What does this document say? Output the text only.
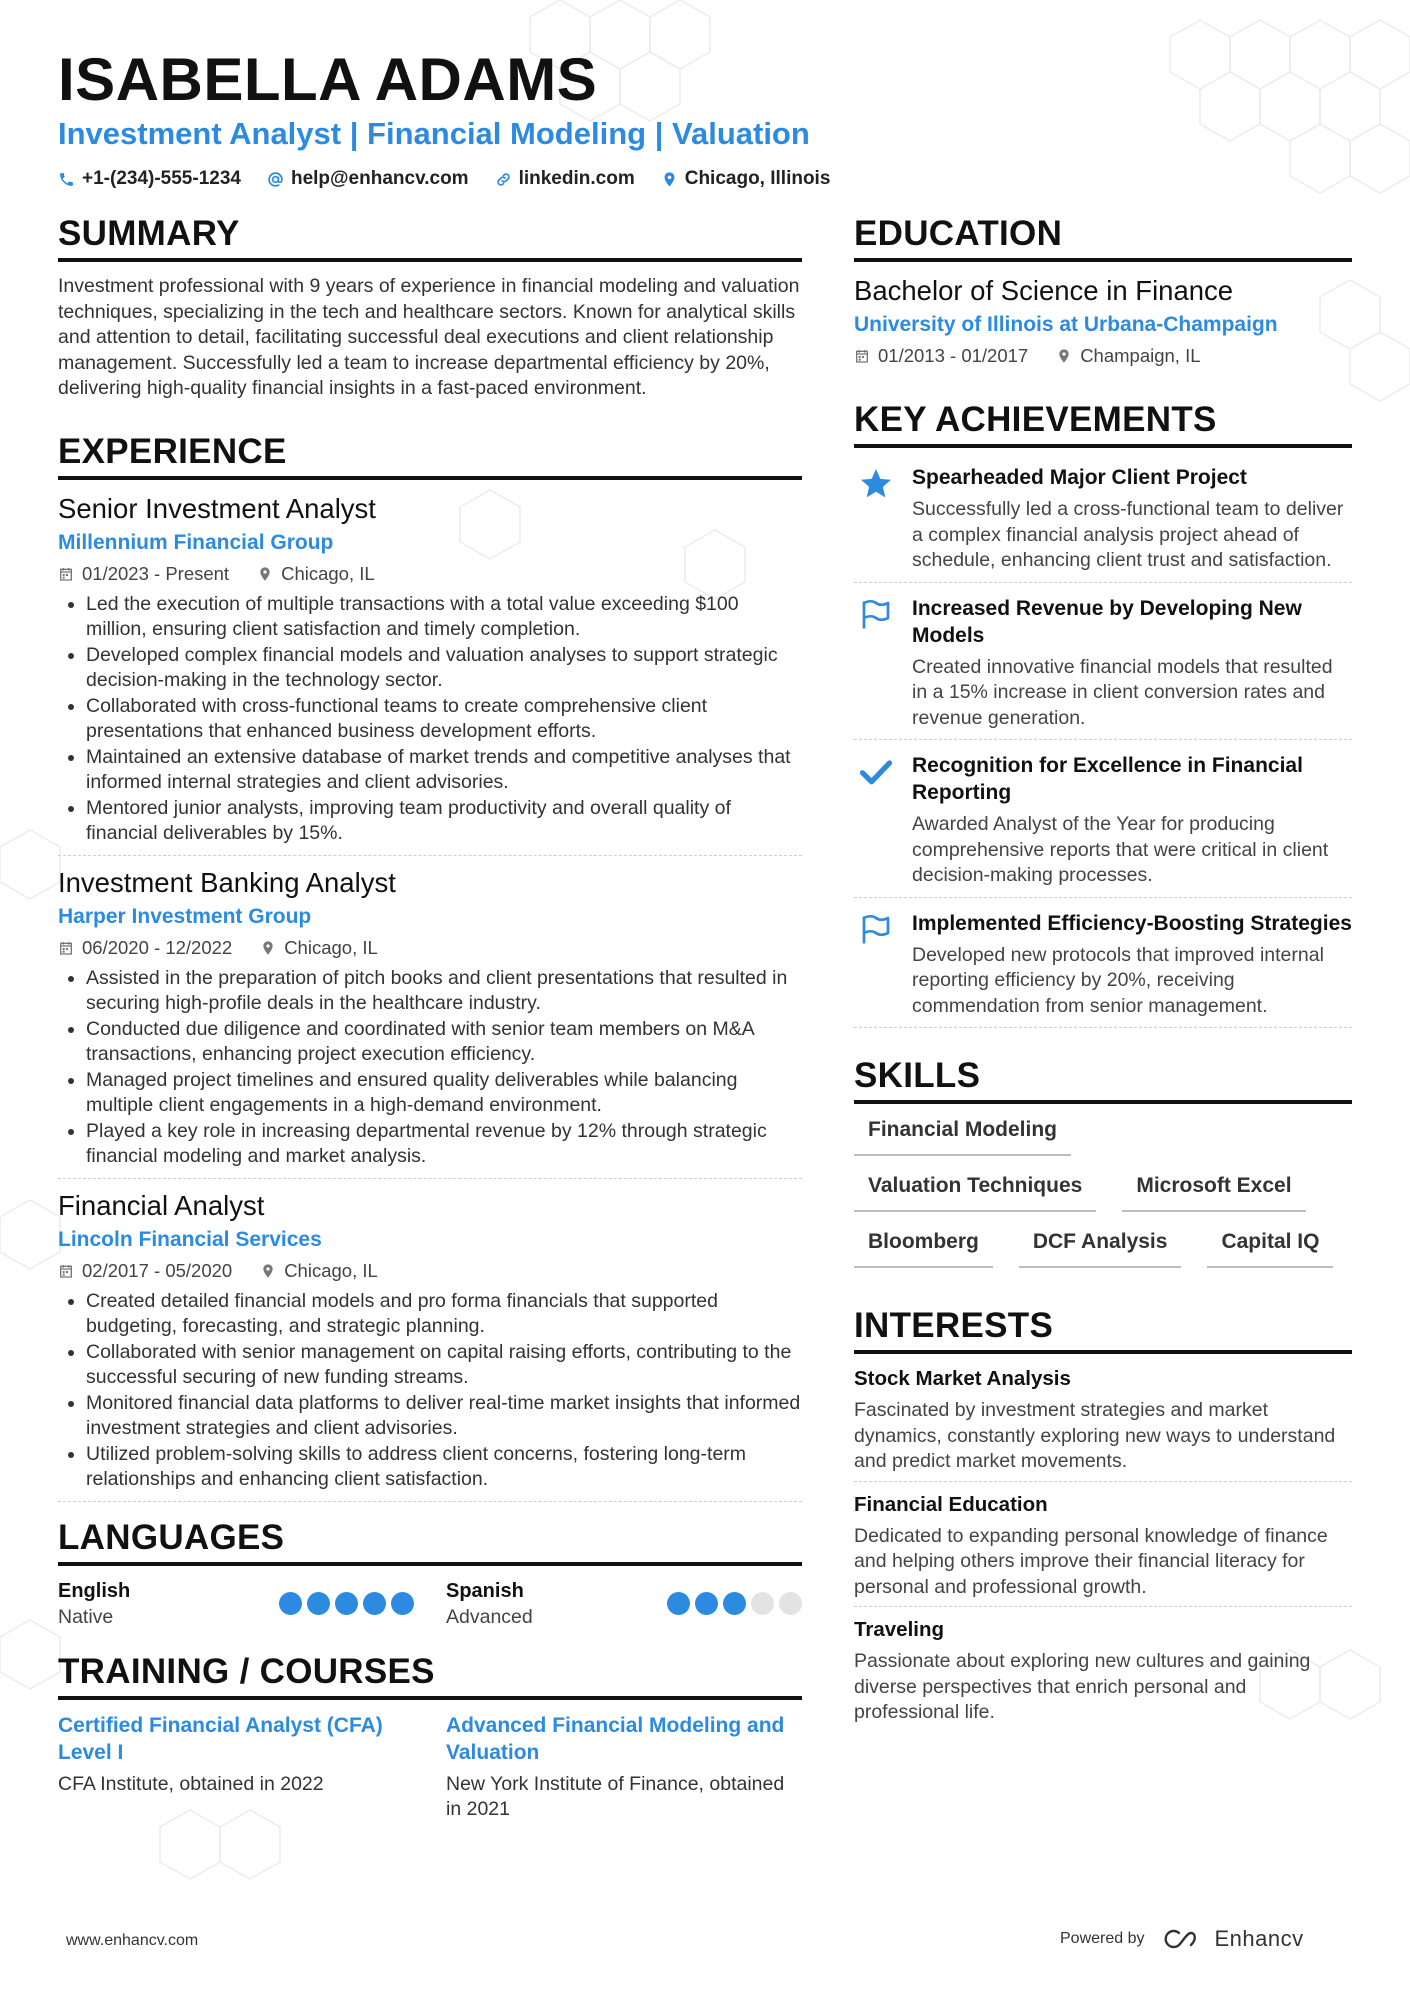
ISABELLA ADAMS
Investment Analyst | Financial Modeling | Valuation
+1-(234)-555-1234	help@enhancv.com	linkedin.com	Chicago, Illinois
SUMMARY

Investment professional with 9 years of experience in financial modeling and valuation techniques, specializing in the tech and healthcare sectors. Known for analytical skills and attention to detail, facilitating successful deal executions and client relationship management. Successfully led a team to increase departmental efficiency by 20%, delivering high-quality financial insights in a fast-paced environment.

EXPERIENCE
Senior Investment Analyst
Millennium Financial Group
01/2023 - Present	Chicago, IL
• Led the execution of multiple transactions with a total value exceeding $100 million, ensuring client satisfaction and timely completion.
• Developed complex financial models and valuation analyses to support strategic decision-making in the technology sector.
• Collaborated with cross-functional teams to create comprehensive client presentations that enhanced business development efforts.
• Maintained an extensive database of market trends and competitive analyses that informed internal strategies and client advisories.
• Mentored junior analysts, improving team productivity and overall quality of financial deliverables by 15%.
Investment Banking Analyst
Harper Investment Group
06/2020 - 12/2022	Chicago, IL
• Assisted in the preparation of pitch books and client presentations that resulted in securing high-profile deals in the healthcare industry.
• Conducted due diligence and coordinated with senior team members on M&A transactions, enhancing project execution efficiency.
• Managed project timelines and ensured quality deliverables while balancing multiple client engagements in a high-demand environment.
• Played a key role in increasing departmental revenue by 12% through strategic financial modeling and market analysis.
Financial Analyst
Lincoln Financial Services
02/2017 - 05/2020	Chicago, IL
• Created detailed financial models and pro forma financials that supported budgeting, forecasting, and strategic planning.
• Collaborated with senior management on capital raising efforts, contributing to the successful securing of new funding streams.
• Monitored financial data platforms to deliver real-time market insights that informed investment strategies and client advisories.
• Utilized problem-solving skills to address client concerns, fostering long-term relationships and enhancing client satisfaction.
LANGUAGES
English
Native
Spanish
Advanced
TRAINING / COURSES
Certified Financial Analyst (CFA) Level I
CFA Institute, obtained in 2022
Advanced Financial Modeling and Valuation
New York Institute of Finance, obtained in 2021
EDUCATION
Bachelor of Science in Finance
University of Illinois at Urbana-Champaign
01/2013 - 01/2017	Champaign, IL
KEY ACHIEVEMENTS
Spearheaded Major Client Project
Successfully led a cross-functional team to deliver a complex financial analysis project ahead of schedule, enhancing client trust and satisfaction.
Increased Revenue by Developing New Models
Created innovative financial models that resulted in a 15% increase in client conversion rates and revenue generation.
Recognition for Excellence in Financial Reporting
Awarded Analyst of the Year for producing comprehensive reports that were critical in client decision-making processes.
Implemented Efficiency-Boosting Strategies
Developed new protocols that improved internal reporting efficiency by 20%, receiving commendation from senior management.
SKILLS
Financial Modeling
Valuation Techniques	Microsoft Excel
Bloomberg	DCF Analysis	Capital IQ
INTERESTS
Stock Market Analysis
Fascinated by investment strategies and market dynamics, constantly exploring new ways to understand and predict market movements.
Financial Education
Dedicated to expanding personal knowledge of finance and helping others improve their financial literacy for personal and professional growth.
Traveling
Passionate about exploring new cultures and gaining diverse perspectives that enrich personal and professional life.
www.enhancv.com	Powered by	Enhancv
